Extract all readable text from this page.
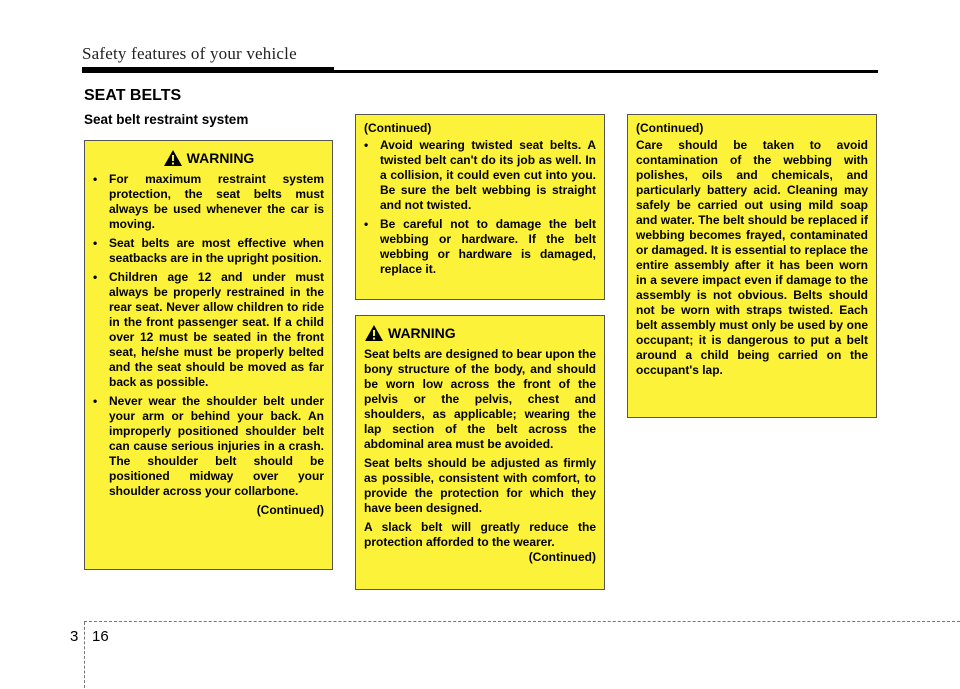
Safety features of your vehicle
SEAT BELTS
Seat belt restraint system
WARNING
• For maximum restraint system protection, the seat belts must always be used whenever the car is moving.
• Seat belts are most effective when seatbacks are in the upright position.
• Children age 12 and under must always be properly restrained in the rear seat. Never allow children to ride in the front passenger seat. If a child over 12 must be seated in the front seat, he/she must be properly belted and the seat should be moved as far back as possible.
• Never wear the shoulder belt under your arm or behind your back. An improperly positioned shoulder belt can cause serious injuries in a crash. The shoulder belt should be positioned midway over your shoulder across your collarbone.
(Continued)

(Continued)

• Avoid wearing twisted seat belts. A twisted belt can't do its job as well. In a collision, it could even cut into you. Be sure the belt webbing is straight and not twisted.
• Be careful not to damage the belt webbing or hardware. If the belt webbing or hardware is damaged, replace it.
WARNING

Seat belts are designed to bear upon the bony structure of the body, and should be worn low across the front of the pelvis or the pelvis, chest and shoulders, as applicable; wearing the lap section of the belt across the abdominal area must be avoided.

Seat belts should be adjusted as firmly as possible, consistent with comfort, to provide the protection for which they have been designed.

A slack belt will greatly reduce the protection afforded to the wearer.

(Continued)

(Continued)

Care should be taken to avoid contamination of the webbing with polishes, oils and chemicals, and particularly battery acid. Cleaning may safely be carried out using mild soap and water. The belt should be replaced if webbing becomes frayed, contaminated or damaged. It is essential to replace the entire assembly after it has been worn in a severe impact even if damage to the assembly is not obvious. Belts should not be worn with straps twisted. Each belt assembly must only be used by one occupant; it is dangerous to put a belt around a child being carried on the occupant's lap.

3 16
